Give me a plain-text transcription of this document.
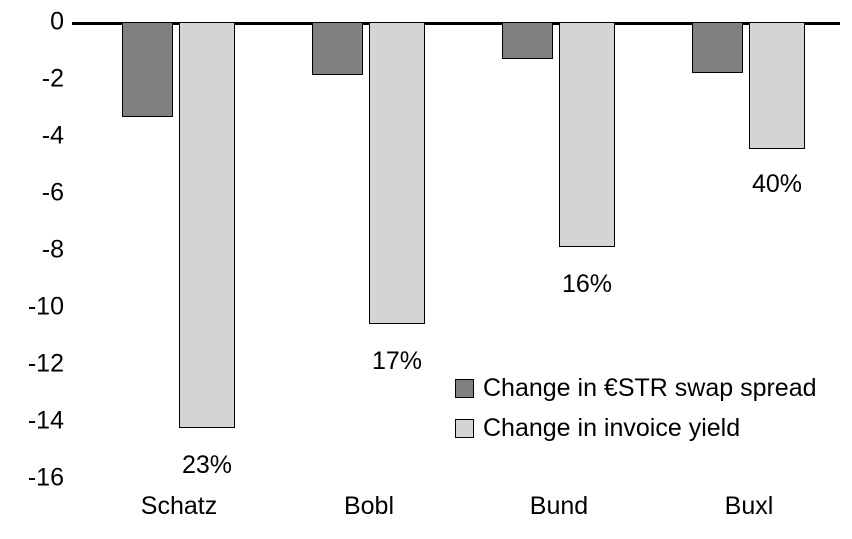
0
-2
-4
-6
-8
-10
-12
-14
-16	23%
17%
16%
40%
Change in €STR swap spread
Change in invoice yield
Schatz	Bobl	Bund	Buxl
